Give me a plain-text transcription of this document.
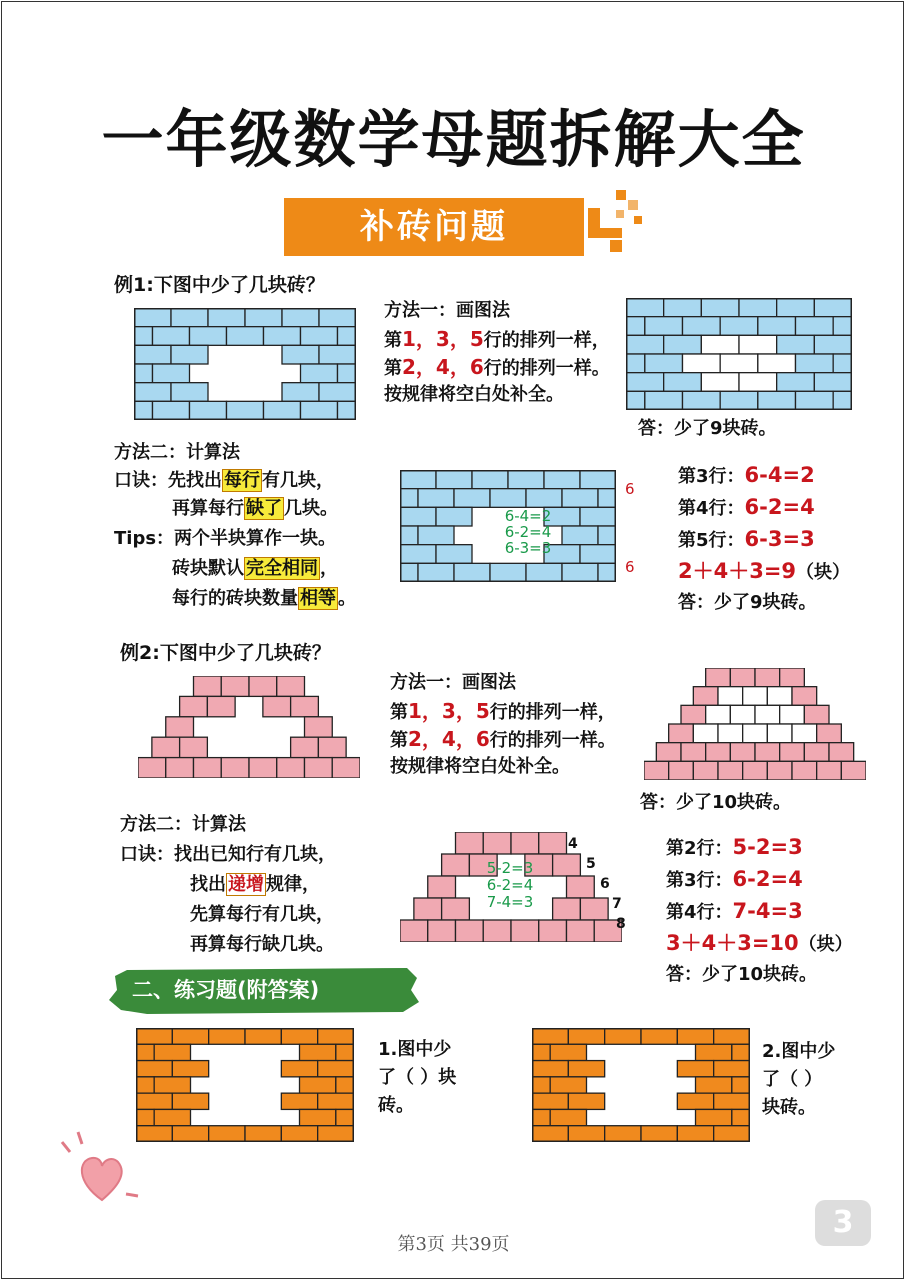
一年级数学母题拆解大全
补砖问题
例1:下图中少了几块砖？
方法一：画图法
第1，3，5行的排列一样，
第2，4，6行的排列一样。
按规律将空白处补全。
答：少了9块砖。
方法二：计算法
口诀：先找出 每行 有几块，
再算每行 缺了 几块。
Tips：两个半块算作一块。
砖块默认 完全相同 ，
每行的砖块数量 相等 。
6-4=2
6-2=4
6-3=3
6
6
第3行：6-4=2
第4行：6-2=4
第5行：6-3=3
2＋4＋3=9（块）
答：少了9块砖。
例2:下图中少了几块砖？
方法一：画图法
第1，3，5行的排列一样，
第2，4，6行的排列一样。
按规律将空白处补全。
答：少了10块砖。
方法二：计算法
口诀：找出已知行有几块，
找出 递增 规律，
先算每行有几块，
再算每行缺几块。
5-2=3
6-2=4
7-4=3
4
5
6
7
8
第2行：5-2=3
第3行：6-2=4
第4行：7-4=3
3＋4＋3=10（块）
答：少了10块砖。
二、练习题(附答案)
1.图中少
了（ ）块
砖。
2.图中少
了（ ）
块砖。
3
第3页 共39页
